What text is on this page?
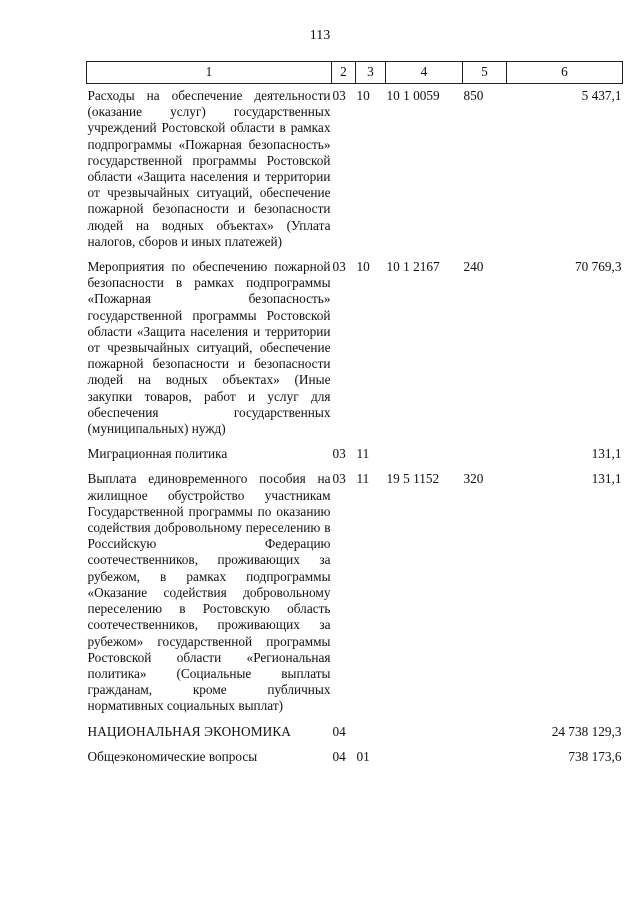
113
1	2	3	4	5	6
Расходы на обеспечение деятельности (оказание услуг) государственных учреждений Ростовской области в рамках подпрограммы «Пожарная безопасность» государственной программы Ростовской области «Защита населения и территории от чрезвычайных ситуаций, обеспечение пожарной безопасности и безопасности людей на водных объектах» (Уплата налогов, сборов и иных платежей)	03	10	10 1 0059	850	5 437,1
Мероприятия по обеспечению пожарной безопасности в рамках подпрограммы «Пожарная безопасность» государственной программы Ростовской области «Защита населения и территории от чрезвычайных ситуаций, обеспечение пожарной безопасности и безопасности людей на водных объектах» (Иные закупки товаров, работ и услуг для обеспечения государственных (муниципальных) нужд)	03	10	10 1 2167	240	70 769,3
Миграционная политика	03	11			131,1
Выплата единовременного пособия на жилищное обустройство участникам Государственной программы по оказанию содействия добровольному переселению в Российскую Федерацию соотечественников, проживающих за рубежом, в рамках подпрограммы «Оказание содействия добровольному переселению в Ростовскую область соотечественников, проживающих за рубежом» государственной программы Ростовской области «Региональная политика» (Социальные выплаты гражданам, кроме публичных нормативных социальных выплат)	03	11	19 5 1152	320	131,1
НАЦИОНАЛЬНАЯ ЭКОНОМИКА	04				24 738 129,3
Общеэкономические вопросы	04	01			738 173,6
